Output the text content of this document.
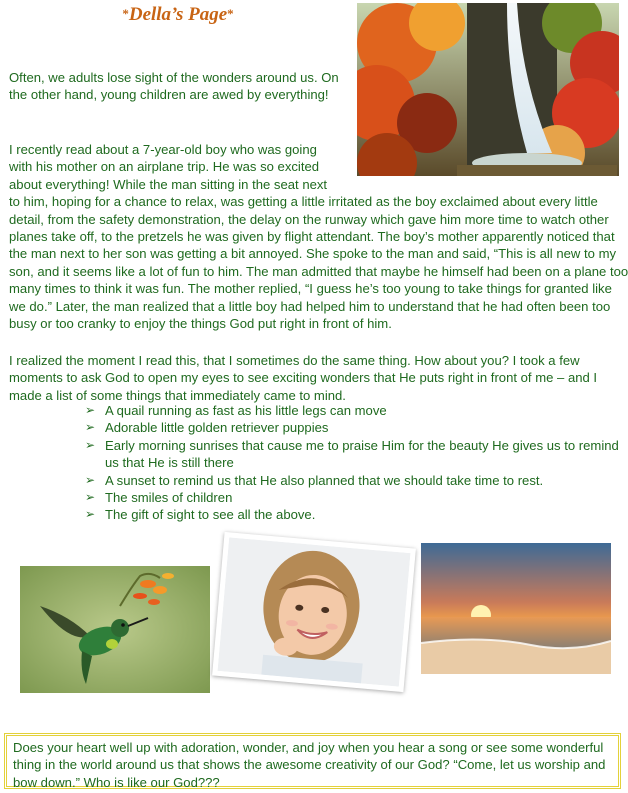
*Della’s Page*

Often, we adults lose sight of the wonders around us. On the other hand, young children are awed by everything!

I recently read about a 7-year-old boy who was going with his mother on an airplane trip. He was so excited about everything! While the man sitting in the seat next
to him, hoping for a chance to relax, was getting a little irritated as the boy exclaimed about every little detail, from the safety demonstration, the delay on the runway which gave him more time to watch other planes take off, to the pretzels he was given by flight attendant. The boy’s mother apparently noticed that the man next to her son was getting a bit annoyed. She spoke to the man and said, “This is all new to my son, and it seems like a lot of fun to him. The man admitted that maybe he himself had been on a plane too many times to think it was fun. The mother replied, “I guess he’s too young to take things for granted like we do.” Later, the man realized that a little boy had helped him to understand that he had often been too busy or too cranky to enjoy the things God put right in front of him.

I realized the moment I read this, that I sometimes do the same thing. How about you? I took a few moments to ask God to open my eyes to see exciting wonders that He puts right in front of me – and I made a list of some things that immediately came to mind.

➢ A quail running as fast as his little legs can move
➢ Adorable little golden retriever puppies
➢ Early morning sunrises that cause me to praise Him for the beauty He gives us to remind us that He is still there
➢ A sunset to remind us that He also planned that we should take time to rest.
➢ The smiles of children
➢ The gift of sight to see all the above.
Does your heart well up with adoration, wonder, and joy when you hear a song or see some wonderful thing in the world around us that shows the awesome creativity of our God? “Come, let us worship and bow down.” Who is like our God???
